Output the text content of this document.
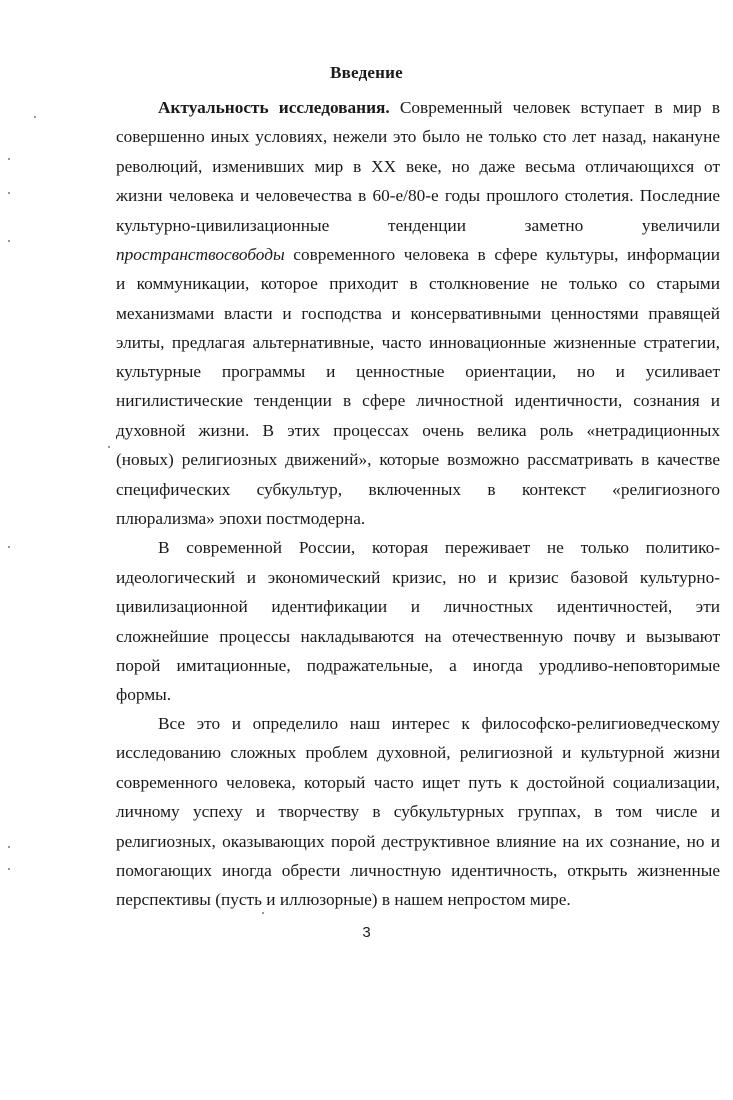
Введение
Актуальность исследования. Современный человек вступает в мир в
совершенно иных условиях, нежели это было не только сто лет назад, накануне
революций, изменивших мир в XX веке, но даже весьма отличающихся от
жизни человека и человечества в 60-е/80-е годы прошлого столетия. Последние
культурно-цивилизационные тенденции заметно увеличили
пространствосвободы современного человека в сфере культуры, информации
и коммуникации, которое приходит в столкновение не только со старыми
механизмами власти и господства и консервативными ценностями правящей
элиты, предлагая альтернативные, часто инновационные жизненные стратегии,
культурные программы и ценностные ориентации, но и усиливает
нигилистические тенденции в сфере личностной идентичности, сознания и
духовной жизни. В этих процессах очень велика роль «нетрадиционных
(новых) религиозных движений», которые возможно рассматривать в качестве
специфических субкультур, включенных в контекст «религиозного
плюрализма» эпохи постмодерна.
В современной России, которая переживает не только политико-
идеологический и экономический кризис, но и кризис базовой культурно-
цивилизационной идентификации и личностных идентичностей, эти
сложнейшие процессы накладываются на отечественную почву и вызывают
порой имитационные, подражательные, а иногда уродливо-неповторимые
формы.
Все это и определило наш интерес к философско-религиоведческому
исследованию сложных проблем духовной, религиозной и культурной жизни
современного человека, который часто ищет путь к достойной социализации,
личному успеху и творчеству в субкультурных группах, в том числе и
религиозных, оказывающих порой деструктивное влияние на их сознание, но и
помогающих иногда обрести личностную идентичность, открыть жизненные
перспективы (пусть и иллюзорные) в нашем непростом мире.
3
